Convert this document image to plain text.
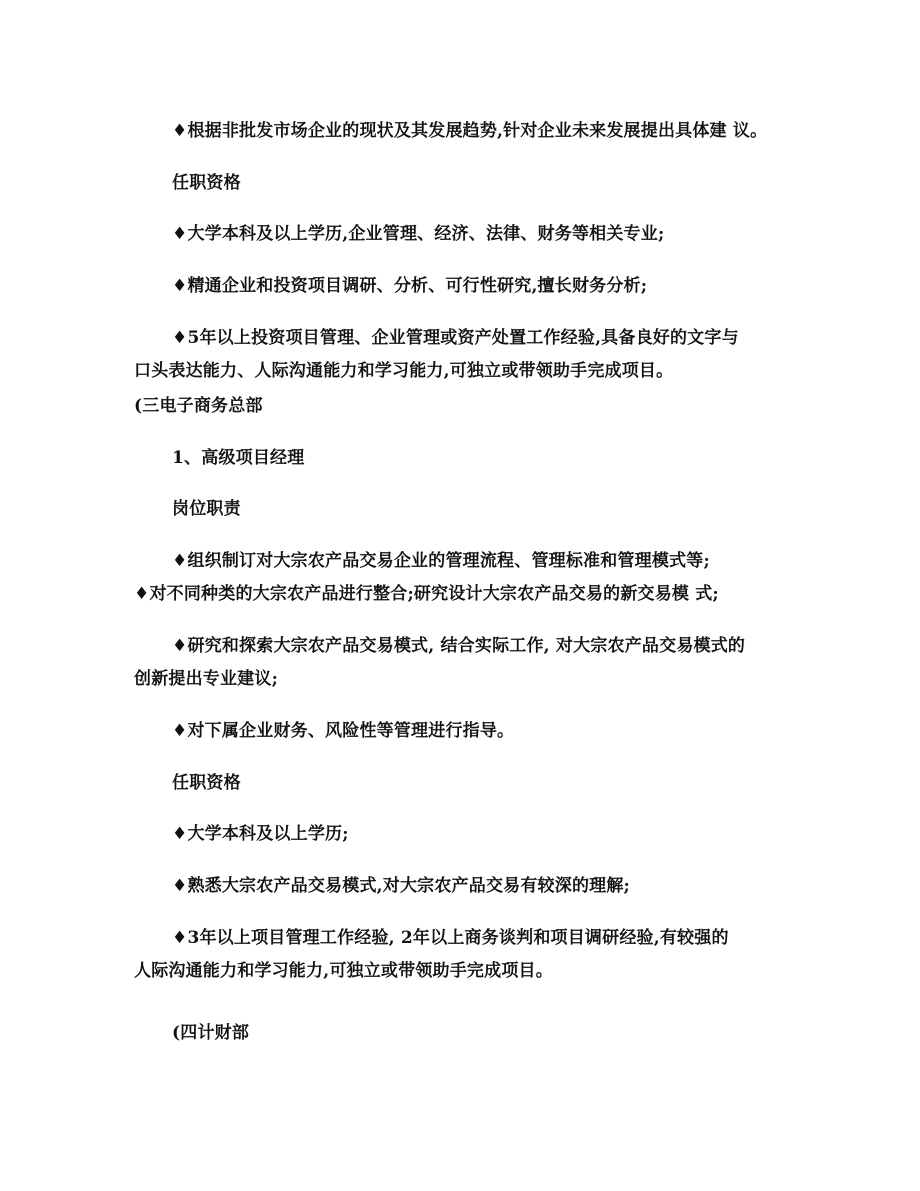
♦根据非批发市场企业的现状及其发展趋势,针对企业未来发展提出具体建 议。
任职资格
♦大学本科及以上学历,企业管理、经济、法律、财务等相关专业;
♦精通企业和投资项目调研、分析、可行性研究,擅长财务分析;
♦5年以上投资项目管理、企业管理或资产处置工作经验,具备良好的文字与
口头表达能力、人际沟通能力和学习能力,可独立或带领助手完成项目。
(三电子商务总部
1、高级项目经理
岗位职责
♦组织制订对大宗农产品交易企业的管理流程、管理标准和管理模式等;
♦对不同种类的大宗农产品进行整合;研究设计大宗农产品交易的新交易模 式;
♦研究和探索大宗农产品交易模式, 结合实际工作, 对大宗农产品交易模式的
创新提出专业建议;
♦对下属企业财务、风险性等管理进行指导。
任职资格
♦大学本科及以上学历;
♦熟悉大宗农产品交易模式,对大宗农产品交易有较深的理解;
♦3年以上项目管理工作经验, 2年以上商务谈判和项目调研经验,有较强的
人际沟通能力和学习能力,可独立或带领助手完成项目。
(四计财部
